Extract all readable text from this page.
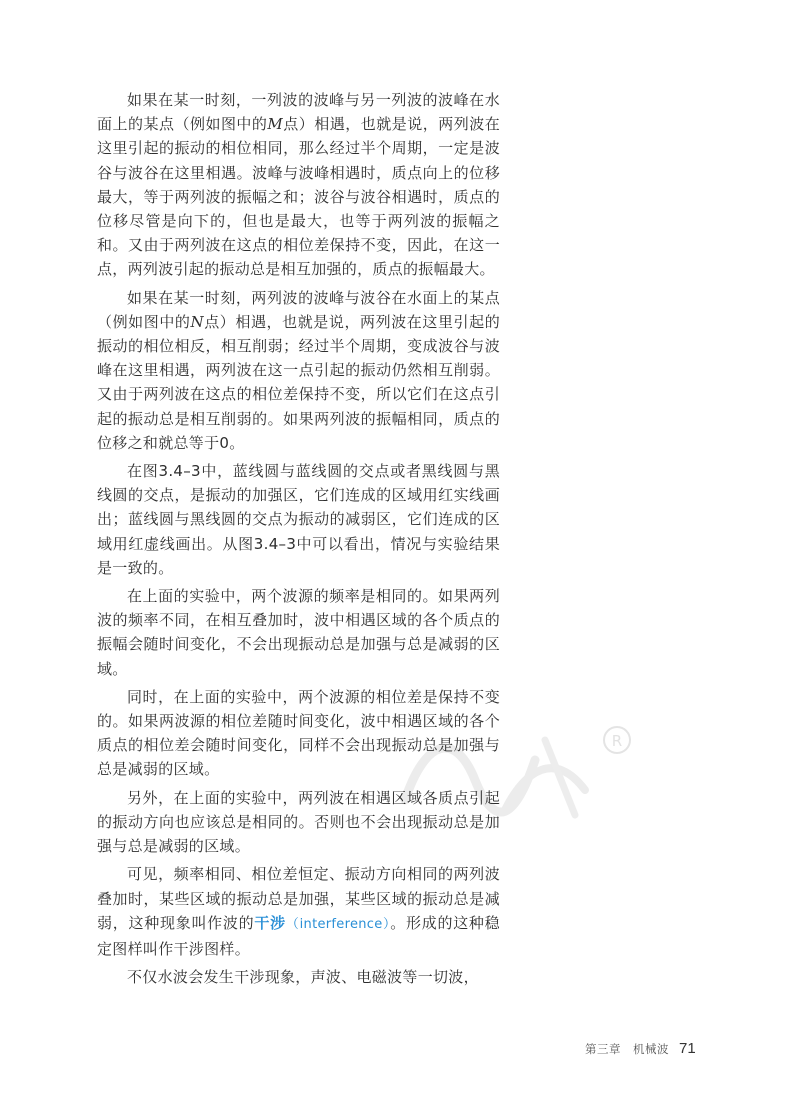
R

如果在某一时刻，一列波的波峰与另一列波的波峰在水面上的某点（例如图中的M点）相遇，也就是说，两列波在这里引起的振动的相位相同，那么经过半个周期，一定是波谷与波谷在这里相遇。波峰与波峰相遇时，质点向上的位移最大，等于两列波的振幅之和；波谷与波谷相遇时，质点的位移尽管是向下的，但也是最大，也等于两列波的振幅之和。又由于两列波在这点的相位差保持不变，因此，在这一点，两列波引起的振动总是相互加强的，质点的振幅最大。

如果在某一时刻，两列波的波峰与波谷在水面上的某点（例如图中的N点）相遇，也就是说，两列波在这里引起的振动的相位相反，相互削弱；经过半个周期，变成波谷与波峰在这里相遇，两列波在这一点引起的振动仍然相互削弱。又由于两列波在这点的相位差保持不变，所以它们在这点引起的振动总是相互削弱的。如果两列波的振幅相同，质点的位移之和就总等于0。

在图3.4–3中，蓝线圆与蓝线圆的交点或者黑线圆与黑线圆的交点，是振动的加强区，它们连成的区域用红实线画出；蓝线圆与黑线圆的交点为振动的减弱区，它们连成的区域用红虚线画出。从图3.4–3中可以看出，情况与实验结果是一致的。

在上面的实验中，两个波源的频率是相同的。如果两列波的频率不同，在相互叠加时，波中相遇区域的各个质点的振幅会随时间变化，不会出现振动总是加强与总是减弱的区域。

同时，在上面的实验中，两个波源的相位差是保持不变的。如果两波源的相位差随时间变化，波中相遇区域的各个质点的相位差会随时间变化，同样不会出现振动总是加强与总是减弱的区域。

另外，在上面的实验中，两列波在相遇区域各质点引起的振动方向也应该总是相同的。否则也不会出现振动总是加强与总是减弱的区域。

可见，频率相同、相位差恒定、振动方向相同的两列波叠加时，某些区域的振动总是加强，某些区域的振动总是减弱，这种现象叫作波的干涉（interference）。形成的这种稳定图样叫作干涉图样。

不仅水波会发生干涉现象，声波、电磁波等一切波，

第三章　机械波 71
